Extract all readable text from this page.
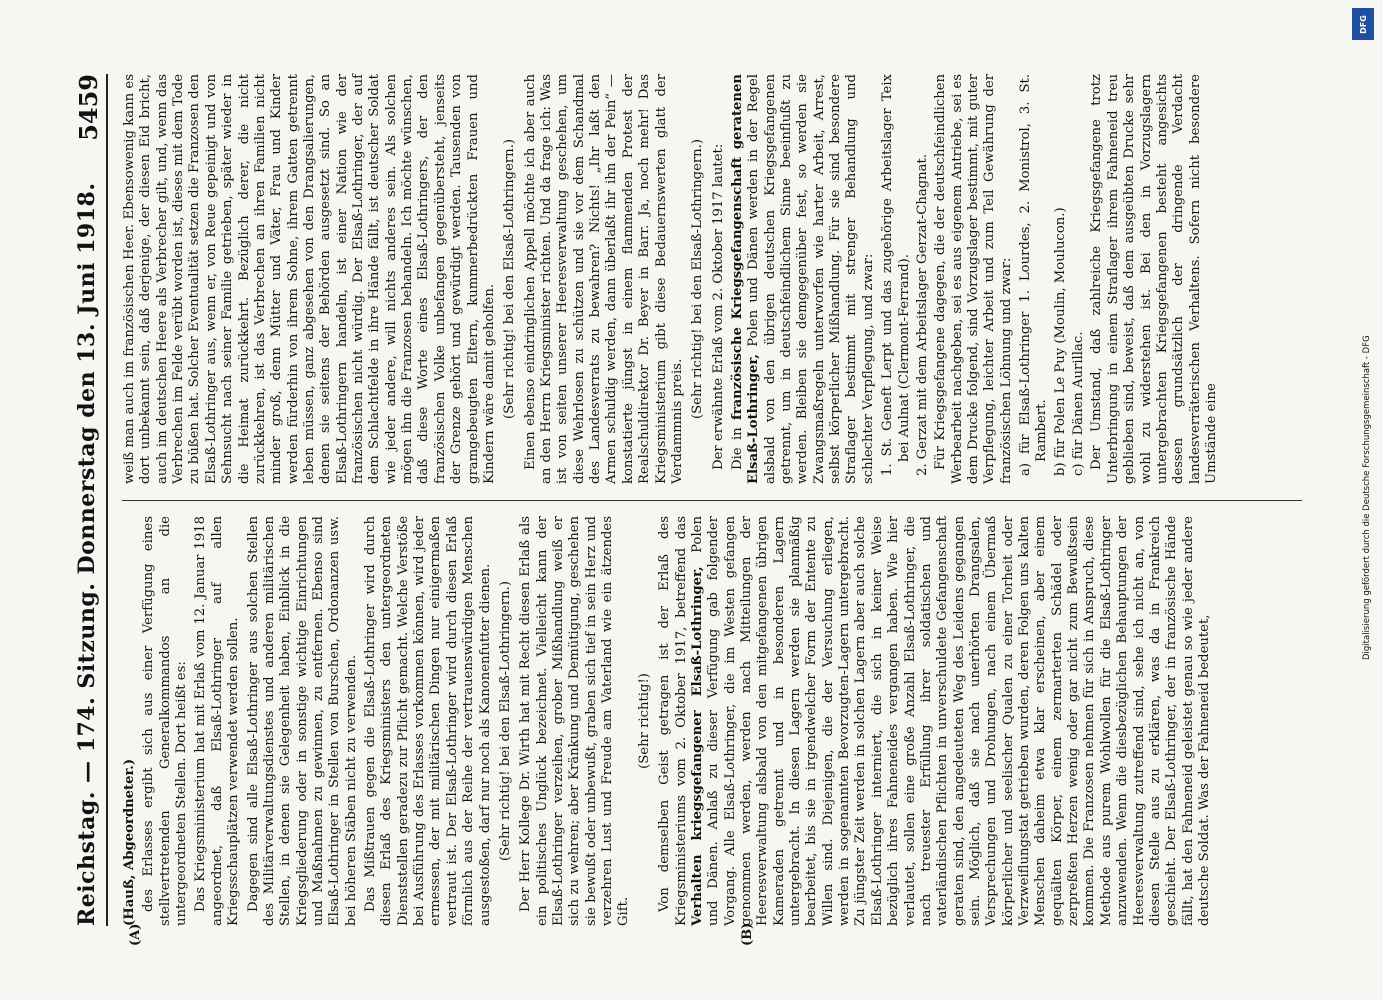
Reichstag. — 174. Sitzung. Donnerstag den 13. Juni 1918.
5459
(A)	(B)

(Hauß, Abgeordneter.) des Erlasses ergibt sich aus einer Verfügung eines stellvertretenden Generalkommandos an die untergeordneten Stellen. Dort heißt es: Das Kriegsministerium hat mit Erlaß vom 12. Januar 1918 angeordnet, daß Elsaß-Lothringer auf allen Kriegsschauplätzen verwendet werden sollen. Dagegen sind alle Elsaß-Lothringer aus solchen Stellen des Militärverwaltungsdienstes und anderen militärischen Stellen, in denen sie Gelegenheit haben, Einblick in die Kriegsgliederung oder in sonstige wichtige Einrichtungen und Maßnahmen zu gewinnen, zu entfernen. Ebenso sind Elsaß-Lothringer in Stellen von Burschen, Ordonanzen usw. bei höheren Stäben nicht zu verwenden. Das Mißtrauen gegen die Elsaß-Lothringer wird durch diesen Erlaß des Kriegsministers den untergeordneten Dienststellen geradezu zur Pflicht gemacht. Welche Verstöße bei Ausführung des Erlasses vorkommen können, wird jeder ermessen, der mit militärischen Dingen nur einigermaßen vertraut ist. Der Elsaß-Lothringer wird durch diesen Erlaß förmlich aus der Reihe der vertrauenswürdigen Menschen ausgestoßen, darf nur noch als Kanonenfutter dienen. (Sehr richtig! bei den Elsaß-Lothringern.) Der Herr Kollege Dr. Wirth hat mit Recht diesen Erlaß als ein politisches Unglück bezeichnet. Vielleicht kann der Elsaß-Lothringer verzeihen, grober Mißhandlung weiß er sich zu wehren; aber Kränkung und Demütigung, geschehen sie bewußt oder unbewußt, graben sich tief in sein Herz und verzehren Lust und Freude am Vaterland wie ein ätzendes Gift.

(Sehr richtig!) Von demselben Geist getragen ist der Erlaß des Kriegsministeriums vom 2. Oktober 1917, betreffend das Verhalten kriegsgefangener Elsaß-Lothringer, Polen und Dänen. Anlaß zu dieser Verfügung gab folgender Vorgang. Alle Elsaß-Lothringer, die im Westen gefangen genommen werden, werden nach Mitteilungen der Heeresverwaltung alsbald von den mitgefangenen übrigen Kameraden getrennt und in besonderen Lagern untergebracht. In diesen Lagern werden sie planmäßig bearbeitet, bis sie in irgendwelcher Form der Entente zu Willen sind. Diejenigen, die der Versuchung erliegen, werden in sogenannten Bevorzugten-Lagern untergebracht. Zu jüngster Zeit werden in solchen Lagern aber auch solche Elsaß-Lothringer interniert, die sich in keiner Weise bezüglich ihres Fahneneides vergangen haben. Wie hier verlautet, sollen eine große Anzahl Elsaß-Lothringer, die nach treuester Erfüllung ihrer soldatischen und vaterländischen Pflichten in unverschuldete Gefangenschaft geraten sind, den angedeuteten Weg des Leidens gegangen sein. Möglich, daß sie nach unerhörten Drangsalen, Versprechungen und Drohungen, nach einem Übermaß körperlicher und seelischer Qualen zu einer Torheit oder Verzweiflungstat getrieben wurden, deren Folgen uns kalten Menschen daheim etwa klar erscheinen, aber einem gequälten Körper, einem zermarterten Schädel oder zerpreßten Herzen wenig oder gar nicht zum Bewußtsein kommen. Die Franzosen nehmen für sich in Anspruch, diese Methode aus purem Wohlwollen für die Elsaß-Lothringer anzuwenden. Wenn die diesbezüglichen Behauptungen der Heeresverwaltung zutreffend sind, sehe ich nicht an, von diesen Stelle aus zu erklären, was da in Frankreich geschieht. Der Elsaß-Lothringer, der in französische Hände fällt, hat den Fahneneid geleistet genau so wie jeder andere deutsche Soldat. Was der Fahneneid bedeutet,

weiß man auch im französischen Heer. Ebensowenig kann es dort unbekannt sein, daß derjenige, der diesen Eid bricht, auch im deutschen Heere als Verbrecher gilt, und, wenn das Verbrechen im Felde verübt worden ist, dieses mit dem Tode zu büßen hat. Solcher Eventualität setzen die Franzosen den Elsaß-Lothringer aus, wenn er, von Reue gepeinigt und von Sehnsucht nach seiner Familie getrieben, später wieder in die Heimat zurückkehrt. Bezüglich derer, die nicht zurückkehren, ist das Verbrechen an ihren Familien nicht minder groß, denn Mütter und Väter, Frau und Kinder werden fürderhin von ihrem Sohne, ihrem Gatten getrennt leben müssen, ganz abgesehen von den Drangsalierungen, denen sie seitens der Behörden ausgesetzt sind. So an Elsaß-Lothringern handeln, ist einer Nation wie der französischen nicht würdig. Der Elsaß-Lothringer, der auf dem Schlachtfelde in ihre Hände fällt, ist deutscher Soldat wie jeder andere, will nichts anderes sein. Als solchen mögen ihn die Franzosen behandeln. Ich möchte wünschen, daß diese Worte eines Elsaß-Lothringers, der den französischen Volke unbefangen gegenübersteht, jenseits der Grenze gehört und gewürdigt werden. Tausenden von gramgebeugten Eltern, kummerbedrückten Frauen und Kindern wäre damit geholfen. (Sehr richtig! bei den Elsaß-Lothringern.) Einen ebenso eindringlichen Appell möchte ich aber auch an den Herrn Kriegsminister richten. Und da frage ich: Was ist von seiten unserer Heeresverwaltung geschehen, um diese Wehrlosen zu schützen und sie vor dem Schandmal des Landesverrats zu bewahren? Nichts! „Ihr laßt den Armen schuldig werden, dann überlaßt ihr ihn der Pein“ — konstatierte jüngst in einem flammenden Protest der Realschuldirektor Dr. Beyer in Barr. Ja, noch mehr! Das Kriegsministerium gibt diese Bedauernswerten glatt der Verdammnis preis.

(Sehr richtig! bei den Elsaß-Lothringern.) Der erwähnte Erlaß vom 2. Oktober 1917 lautet: Die in französische Kriegsgefangenschaft geratenen Elsaß-Lothringer, Polen und Dänen werden in der Regel alsbald von den übrigen deutschen Kriegsgefangenen getrennt, um in deutschfeindlichem Sinne beeinflußt zu werden. Bleiben sie demgegenüber fest, so werden sie Zwangsmaßregeln unterworfen wie harter Arbeit, Arrest, selbst körperlicher Mißhandlung. Für sie sind besondere Straflager bestimmt mit strenger Behandlung und schlechter Verpflegung, und zwar: 1. St. Geneft Lerpt und das zugehörige Arbeitslager Teix bei Aulnat (Clermont-Ferrand). 2. Gerzat mit dem Arbeitslager Gerzat-Chagnat. Für Kriegsgefangene dagegen, die der deutschfeindlichen Werbearbeit nachgeben, sei es aus eigenem Antriebe, sei es dem Drucke folgend, sind Vorzugslager bestimmt, mit guter Verpflegung, leichter Arbeit und zum Teil Gewährung der französischen Löhnung und zwar: a) für Elsaß-Lothringer 1. Lourdes, 2. Monistrol, 3. St. Rambert. b) für Polen Le Puy (Moulin, Moulucon.) c) für Dänen Aurillac. Der Umstand, daß zahlreiche Kriegsgefangene trotz Unterbringung in einem Straflager ihrem Fahneneid treu geblieben sind, beweist, daß dem ausgeübten Drucke sehr wohl zu widerstehen ist. Bei den in Vorzugslagern untergebrachten Kriegsgefangenen besteht angesichts dessen grundsätzlich der dringende Verdacht landesverräterischen Verhaltens. Sofern nicht besondere Umstände eine

DFG
Digitalisierung gefördert durch die Deutsche Forschungsgemeinschaft - DFG
